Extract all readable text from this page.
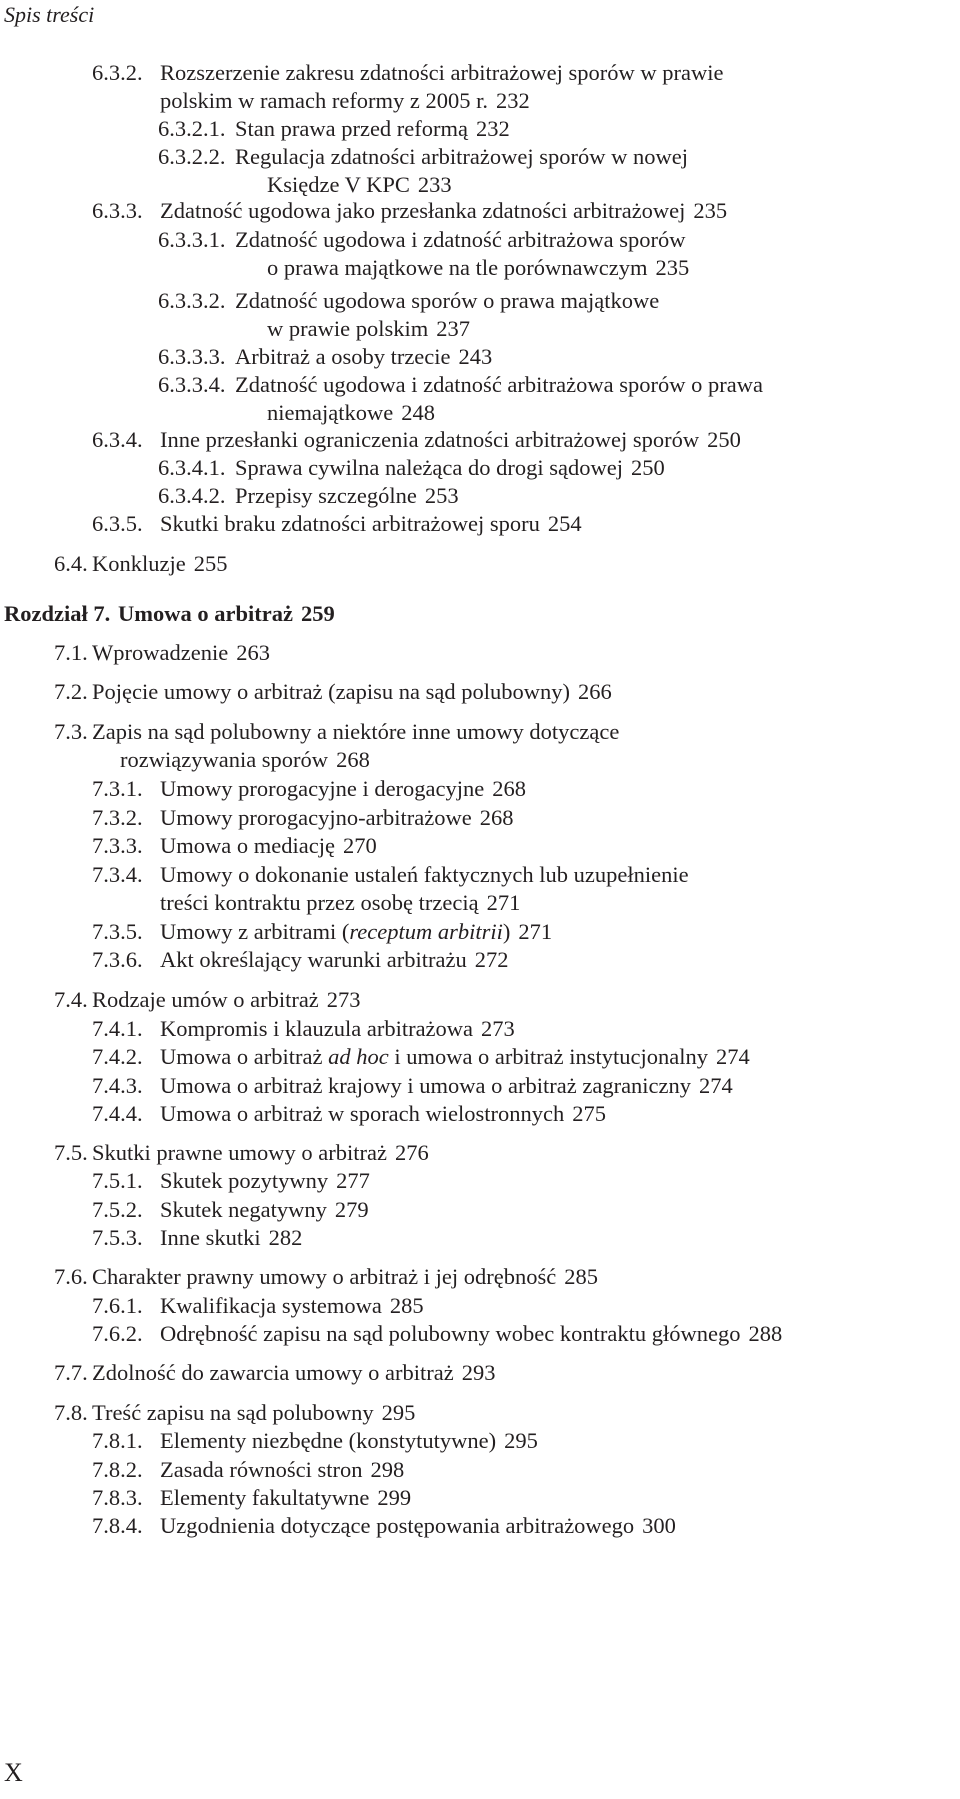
Spis treści
6.3.2. Rozszerzenie zakresu zdatności arbitrażowej sporów w prawie
polskim w ramach reformy z 2005 r. 232
6.3.2.1. Stan prawa przed reformą 232
6.3.2.2. Regulacja zdatności arbitrażowej sporów w nowej
Księdze V KPC 233
6.3.3. Zdatność ugodowa jako przesłanka zdatności arbitrażowej 235
6.3.3.1. Zdatność ugodowa i zdatność arbitrażowa sporów
o prawa majątkowe na tle porównawczym 235
6.3.3.2. Zdatność ugodowa sporów o prawa majątkowe
w prawie polskim 237
6.3.3.3. Arbitraż a osoby trzecie 243
6.3.3.4. Zdatność ugodowa i zdatność arbitrażowa sporów o prawa
niemajątkowe 248
6.3.4. Inne przesłanki ograniczenia zdatności arbitrażowej sporów 250
6.3.4.1. Sprawa cywilna należąca do drogi sądowej 250
6.3.4.2. Przepisy szczególne 253
6.3.5. Skutki braku zdatności arbitrażowej sporu 254
6.4. Konkluzje 255
Rozdział 7. Umowa o arbitraż 259
7.1. Wprowadzenie 263
7.2. Pojęcie umowy o arbitraż (zapisu na sąd polubowny) 266
7.3. Zapis na sąd polubowny a niektóre inne umowy dotyczące
rozwiązywania sporów 268
7.3.1. Umowy prorogacyjne i derogacyjne 268
7.3.2. Umowy prorogacyjno-arbitrażowe 268
7.3.3. Umowa o mediację 270
7.3.4. Umowy o dokonanie ustaleń faktycznych lub uzupełnienie
treści kontraktu przez osobę trzecią 271
7.3.5. Umowy z arbitrami (receptum arbitrii) 271
7.3.6. Akt określający warunki arbitrażu 272
7.4. Rodzaje umów o arbitraż 273
7.4.1. Kompromis i klauzula arbitrażowa 273
7.4.2. Umowa o arbitraż ad hoc i umowa o arbitraż instytucjonalny 274
7.4.3. Umowa o arbitraż krajowy i umowa o arbitraż zagraniczny 274
7.4.4. Umowa o arbitraż w sporach wielostronnych 275
7.5. Skutki prawne umowy o arbitraż 276
7.5.1. Skutek pozytywny 277
7.5.2. Skutek negatywny 279
7.5.3. Inne skutki 282
7.6. Charakter prawny umowy o arbitraż i jej odrębność 285
7.6.1. Kwalifikacja systemowa 285
7.6.2. Odrębność zapisu na sąd polubowny wobec kontraktu głównego 288
7.7. Zdolność do zawarcia umowy o arbitraż 293
7.8. Treść zapisu na sąd polubowny 295
7.8.1. Elementy niezbędne (konstytutywne) 295
7.8.2. Zasada równości stron 298
7.8.3. Elementy fakultatywne 299
7.8.4. Uzgodnienia dotyczące postępowania arbitrażowego 300
X
